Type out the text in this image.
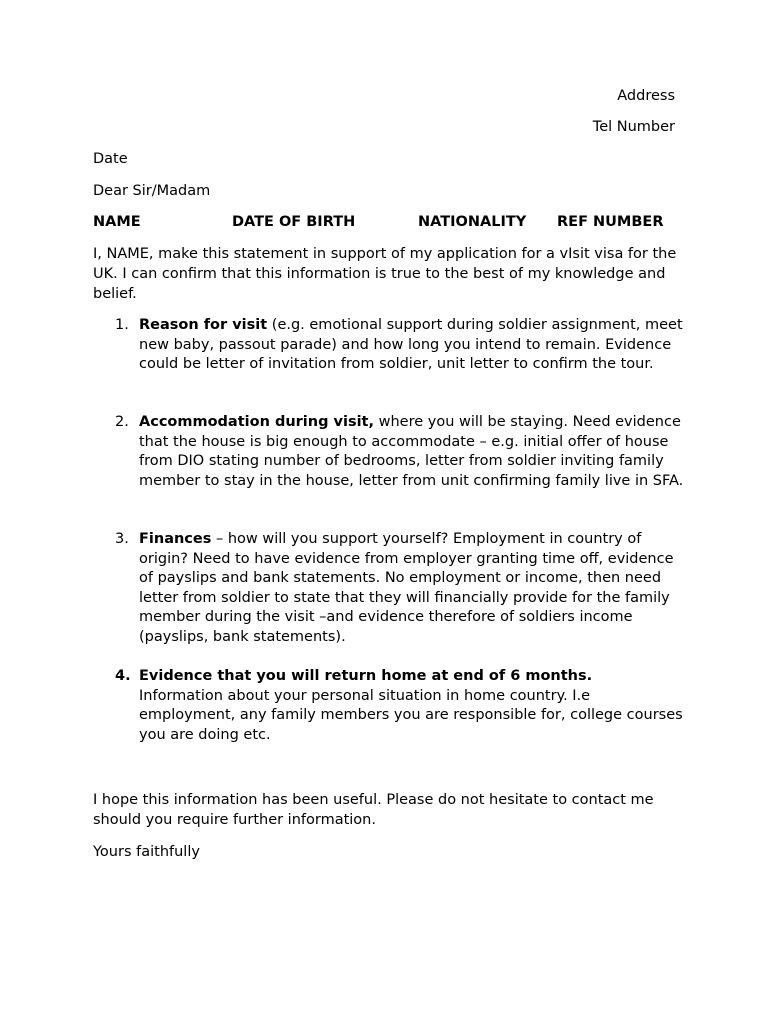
Address
Tel Number
Date
Dear Sir/Madam
NAME	DATE OF BIRTH	NATIONALITY REF NUMBER
I, NAME, make this statement in support of my application for a vIsit visa for the UK. I can confirm that this information is true to the best of my knowledge and belief.
1. Reason for visit (e.g. emotional support during soldier assignment, meet new baby, passout parade) and how long you intend to remain. Evidence could be letter of invitation from soldier, unit letter to confirm the tour.
2. Accommodation during visit, where you will be staying. Need evidence that the house is big enough to accommodate – e.g. initial offer of house from DIO stating number of bedrooms, letter from soldier inviting family member to stay in the house, letter from unit confirming family live in SFA.
3. Finances – how will you support yourself? Employment in country of origin? Need to have evidence from employer granting time off, evidence of payslips and bank statements. No employment or income, then need letter from soldier to state that they will financially provide for the family member during the visit –and evidence therefore of soldiers income (payslips, bank statements).
4. Evidence that you will return home at end of 6 months.
Information about your personal situation in home country. I.e employment, any family members you are responsible for, college courses you are doing etc.
I hope this information has been useful. Please do not hesitate to contact me should you require further information.
Yours faithfully
